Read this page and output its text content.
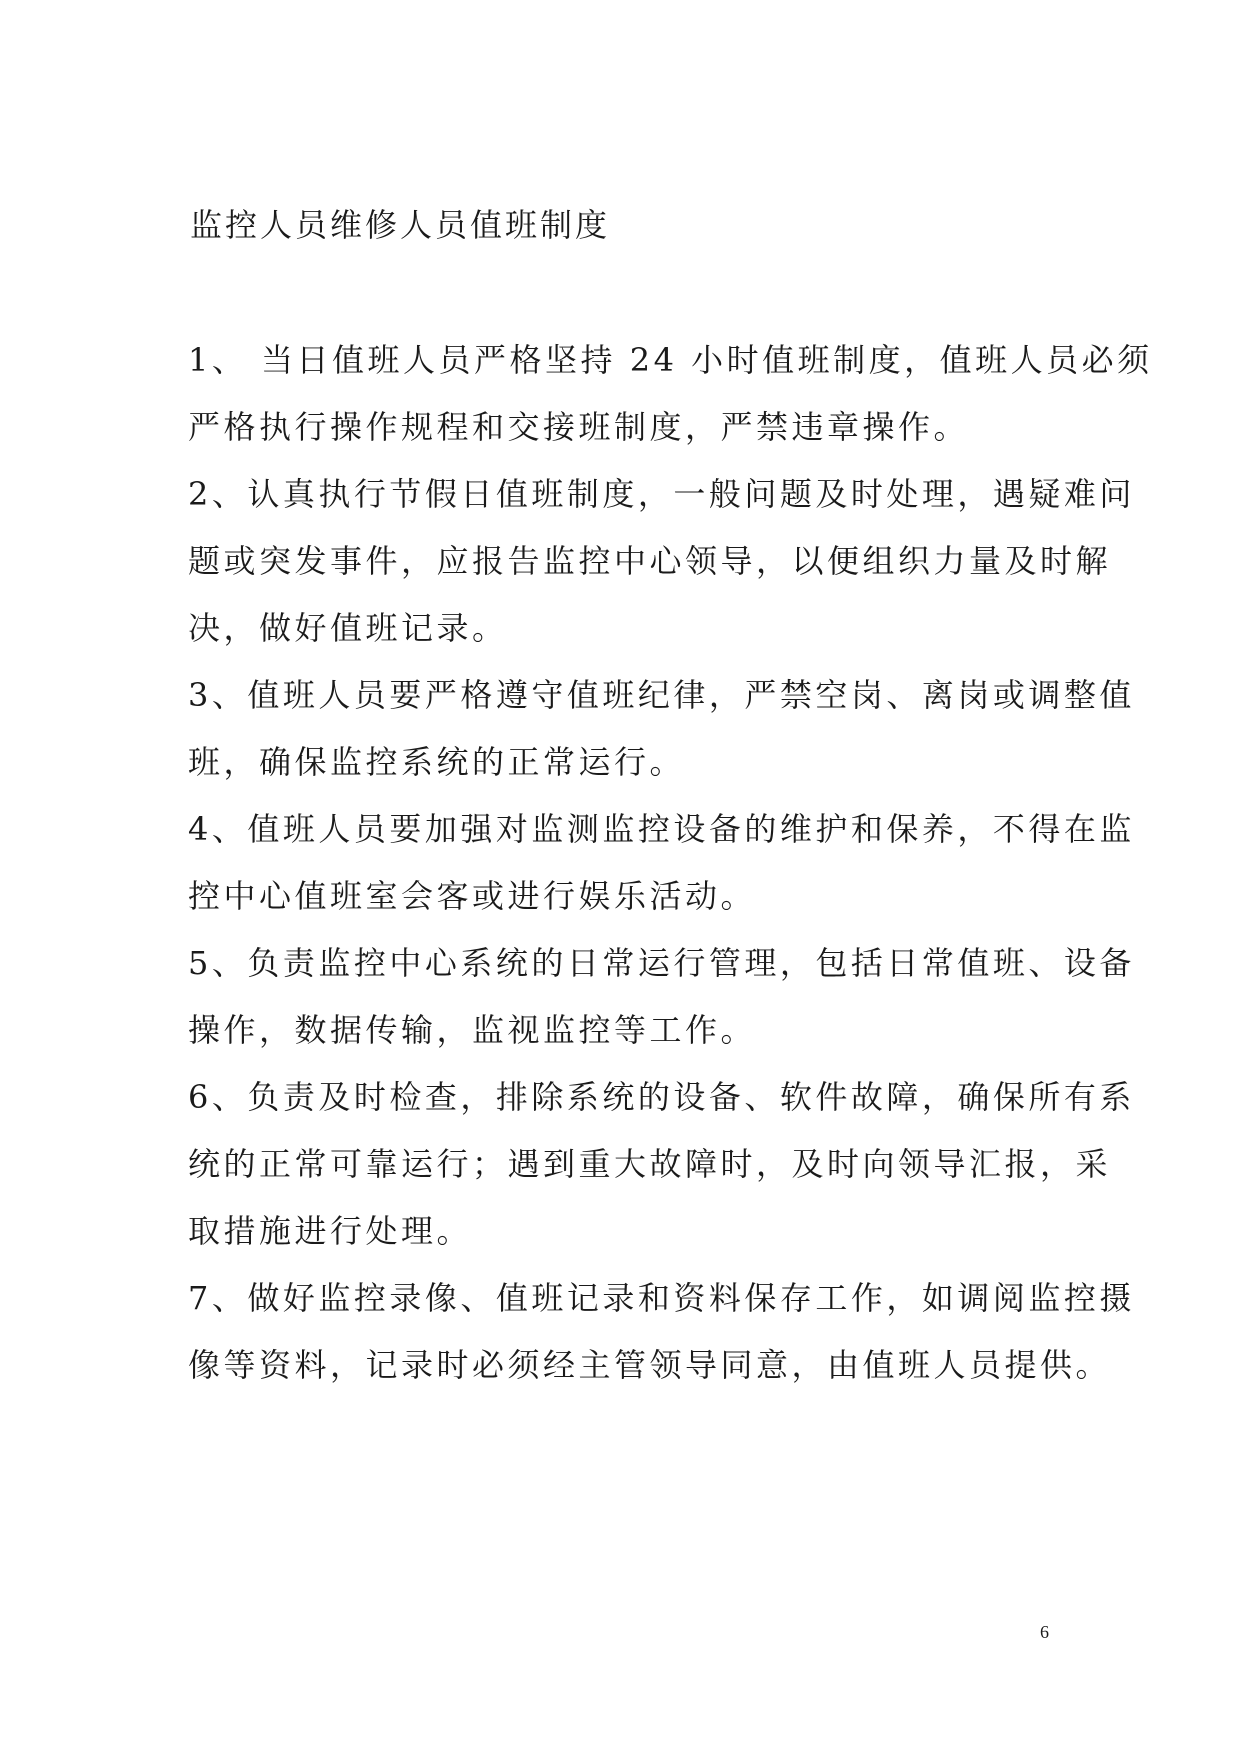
监控人员维修人员值班制度

1、 当日值班人员严格坚持 24 小时值班制度，值班人员必须
严格执行操作规程和交接班制度，严禁违章操作。

2、认真执行节假日值班制度，一般问题及时处理，遇疑难问
题或突发事件，应报告监控中心领导，以便组织力量及时解
决，做好值班记录。

3、值班人员要严格遵守值班纪律，严禁空岗、离岗或调整值
班，确保监控系统的正常运行。

4、值班人员要加强对监测监控设备的维护和保养，不得在监
控中心值班室会客或进行娱乐活动。

5、负责监控中心系统的日常运行管理，包括日常值班、设备
操作，数据传输，监视监控等工作。

6、负责及时检查，排除系统的设备、软件故障，确保所有系
统的正常可靠运行；遇到重大故障时，及时向领导汇报，采
取措施进行处理。

7、做好监控录像、值班记录和资料保存工作，如调阅监控摄
像等资料，记录时必须经主管领导同意，由值班人员提供。

6
